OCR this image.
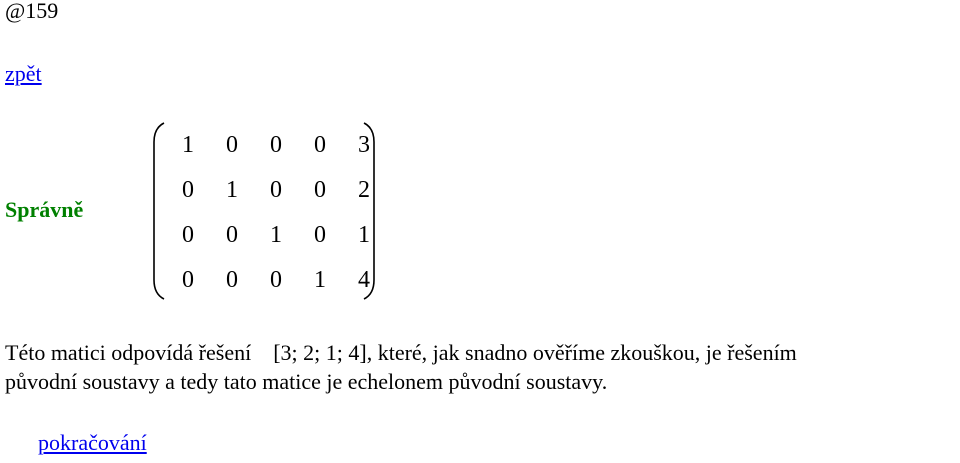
@159
zpět
Správně
1	0	0	0	3
0	1	0	0	2
0	0	1	0	1
0	0	0	1	4
Této matici odpovídá řešení [3; 2; 1; 4], které, jak snadno ověříme zkouškou, je řešením
původní soustavy a tedy tato matice je echelonem původní soustavy.
pokračování
